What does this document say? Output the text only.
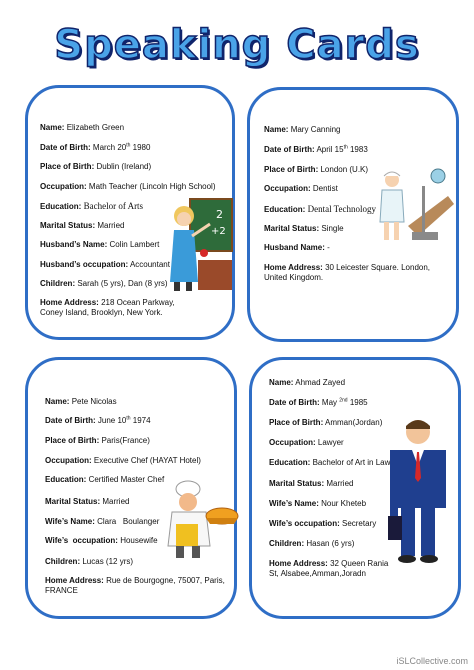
Speaking Cards
Name: Elizabeth Green
Date of Birth: March 20th 1980
Place of Birth: Dublin (Ireland)
Occupation: Math Teacher (Lincoln High School)
Education: Bachelor of Arts
Marital Status: Married
Husband’s Name: Colin Lambert
Husband’s occupation: Accountant
Children: Sarah (5 yrs), Dan (8 yrs)
Home Address: 218 Ocean Parkway, Coney Island, Brooklyn, New York.
2
+2
Name: Mary Canning
Date of Birth: April 15th 1983
Place of Birth: London (U.K)
Occupation: Dentist
Education: Dental Technology
Marital Status: Single
Husband Name: -
Home Address: 30 Leicester Square. London, United Kingdom.
Name: Pete Nicolas
Date of Birth: June 10th 1974
Place of Birth: Paris(France)
Occupation: Executive Chef (HAYAT Hotel)
Education: Certified Master Chef
Marital Status: Married
Wife’s Name: Clara   Boulanger
Wife’s  occupation: Housewife
Children: Lucas (12 yrs)
Home Address: Rue de Bourgogne, 75007, Paris, FRANCE
Name: Ahmad Zayed
Date of Birth: May $^{2nd}$ 1985
Place of Birth: Amman(Jordan)
Occupation: Lawyer
Education: Bachelor of Art in Law
Marital Status: Married
Wife’s Name: Nour Kheteb
Wife’s occupation: Secretary
Children: Hasan (6 yrs)
Home Address: 32 Queen Rania St, Alsabee,Amman,Joradn
iSLCollective.com
